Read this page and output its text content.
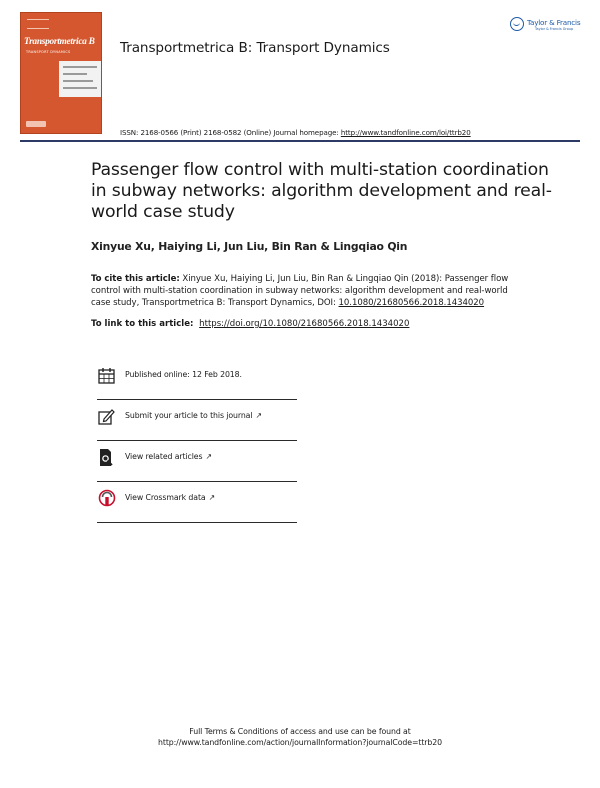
Transportmetrica B
TRANSPORT DYNAMICS	Transportmetrica B: Transport Dynamics
Taylor & Francis
Taylor & Francis Group
ISSN: 2168-0566 (Print) 2168-0582 (Online) Journal homepage: http://www.tandfonline.com/loi/ttrb20
Passenger flow control with multi-station coordination in subway networks: algorithm development and real-world case study
Xinyue Xu, Haiying Li, Jun Liu, Bin Ran & Lingqiao Qin
To cite this article: Xinyue Xu, Haiying Li, Jun Liu, Bin Ran & Lingqiao Qin (2018): Passenger flow control with multi-station coordination in subway networks: algorithm development and real-world case study, Transportmetrica B: Transport Dynamics, DOI: 10.1080/21680566.2018.1434020
To link to this article: https://doi.org/10.1080/21680566.2018.1434020
Published online: 12 Feb 2018.
Submit your article to this journal ↗
View related articles ↗
View Crossmark data ↗
Full Terms & Conditions of access and use can be found at
http://www.tandfonline.com/action/journalInformation?journalCode=ttrb20
